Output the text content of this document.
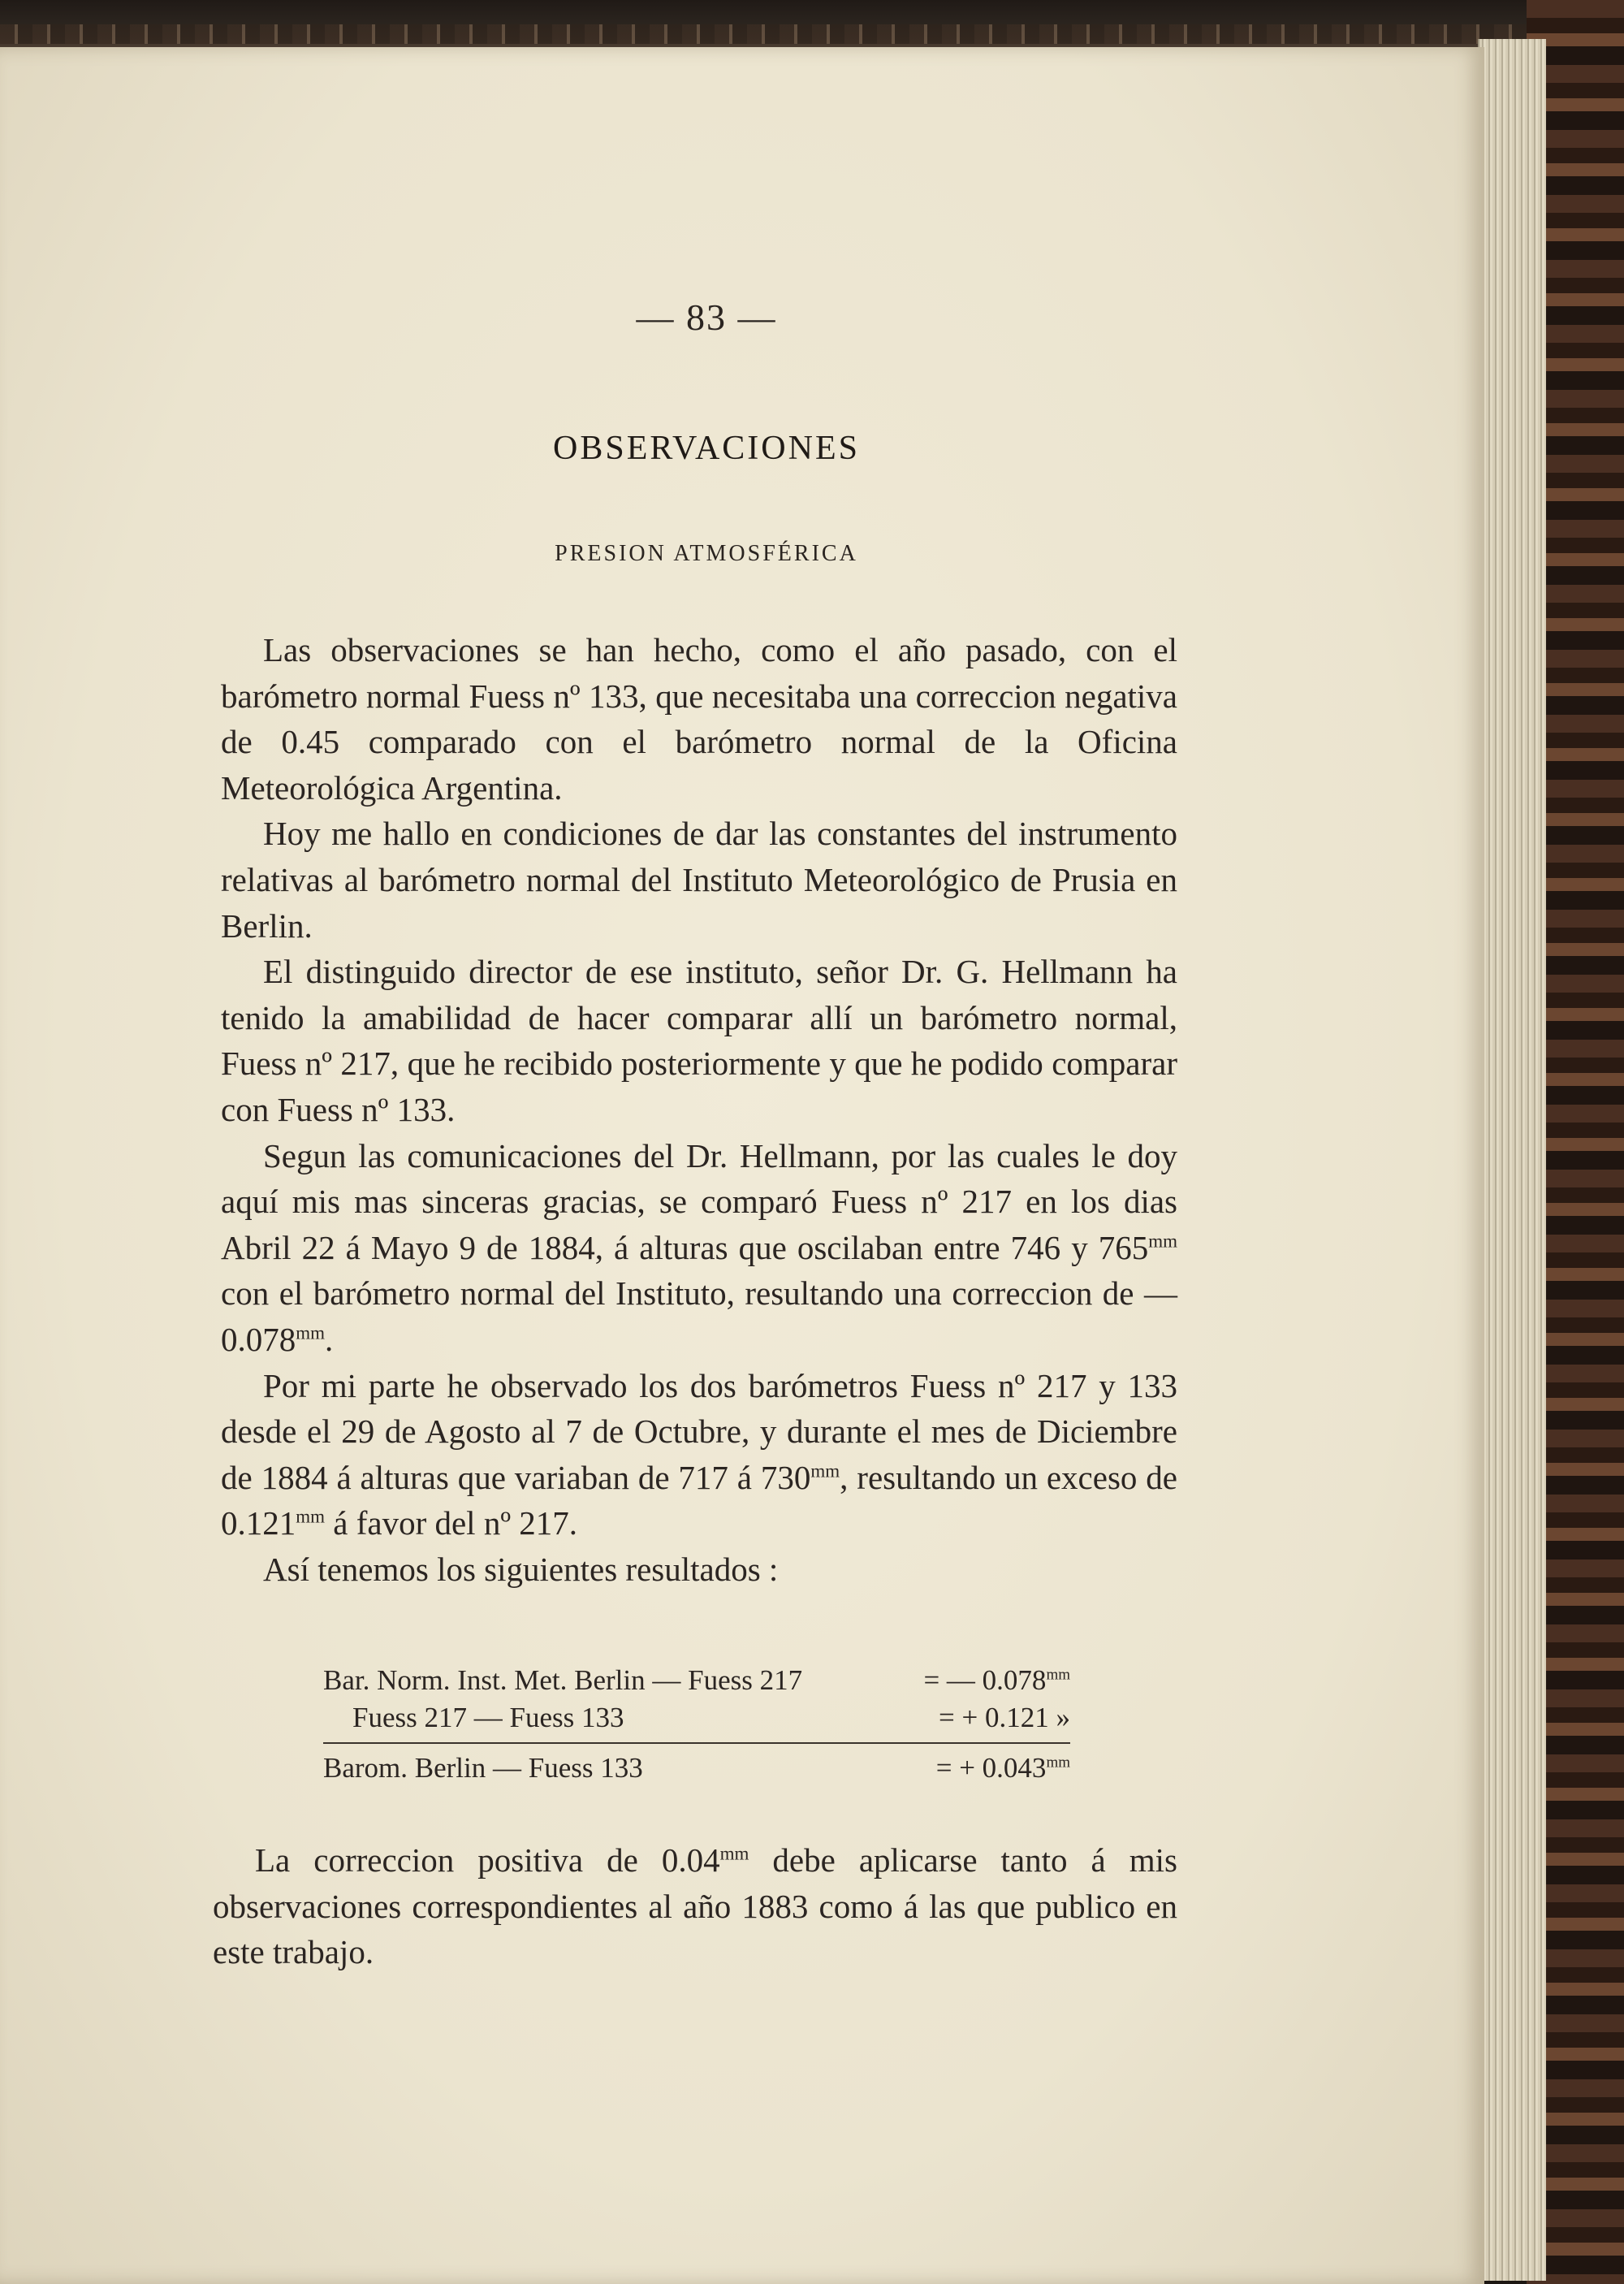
— 83 —
OBSERVACIONES
PRESION ATMOSFÉRICA

Las observaciones se han hecho, como el año pasado, con el barómetro normal Fuess nº 133, que necesitaba una correccion negativa de 0.45 comparado con el barómetro normal de la Oficina Meteorológica Argentina.

Hoy me hallo en condiciones de dar las constantes del instrumento relativas al barómetro normal del Instituto Meteorológico de Prusia en Berlin.

El distinguido director de ese instituto, señor Dr. G. Hellmann ha tenido la amabilidad de hacer comparar allí un barómetro normal, Fuess nº 217, que he recibido posteriormente y que he podido comparar con Fuess nº 133.

Segun las comunicaciones del Dr. Hellmann, por las cuales le doy aquí mis mas sinceras gracias, se comparó Fuess nº 217 en los dias Abril 22 á Mayo 9 de 1884, á alturas que oscilaban entre 746 y $765^{mm}$ con el barómetro normal del Instituto, resultando una correccion de — $0.078^{mm}$.

Por mi parte he observado los dos barómetros Fuess nº 217 y 133 desde el 29 de Agosto al 7 de Octubre, y durante el mes de Diciembre de 1884 á alturas que variaban de 717 á $730^{mm}$, resultando un exceso de $0.121^{mm}$ á favor del nº 217.

Así tenemos los siguientes resultados :

Bar. Norm. Inst. Met. Berlin — Fuess 217	= — $0.078^{mm}$
Fuess 217 — Fuess 133	= + 0.121 »
Barom. Berlin — Fuess 133	= + $0.043^{mm}$

La correccion positiva de $0.04^{mm}$ debe aplicarse tanto á mis observaciones correspondientes al año 1883 como á las que publico en este trabajo.
